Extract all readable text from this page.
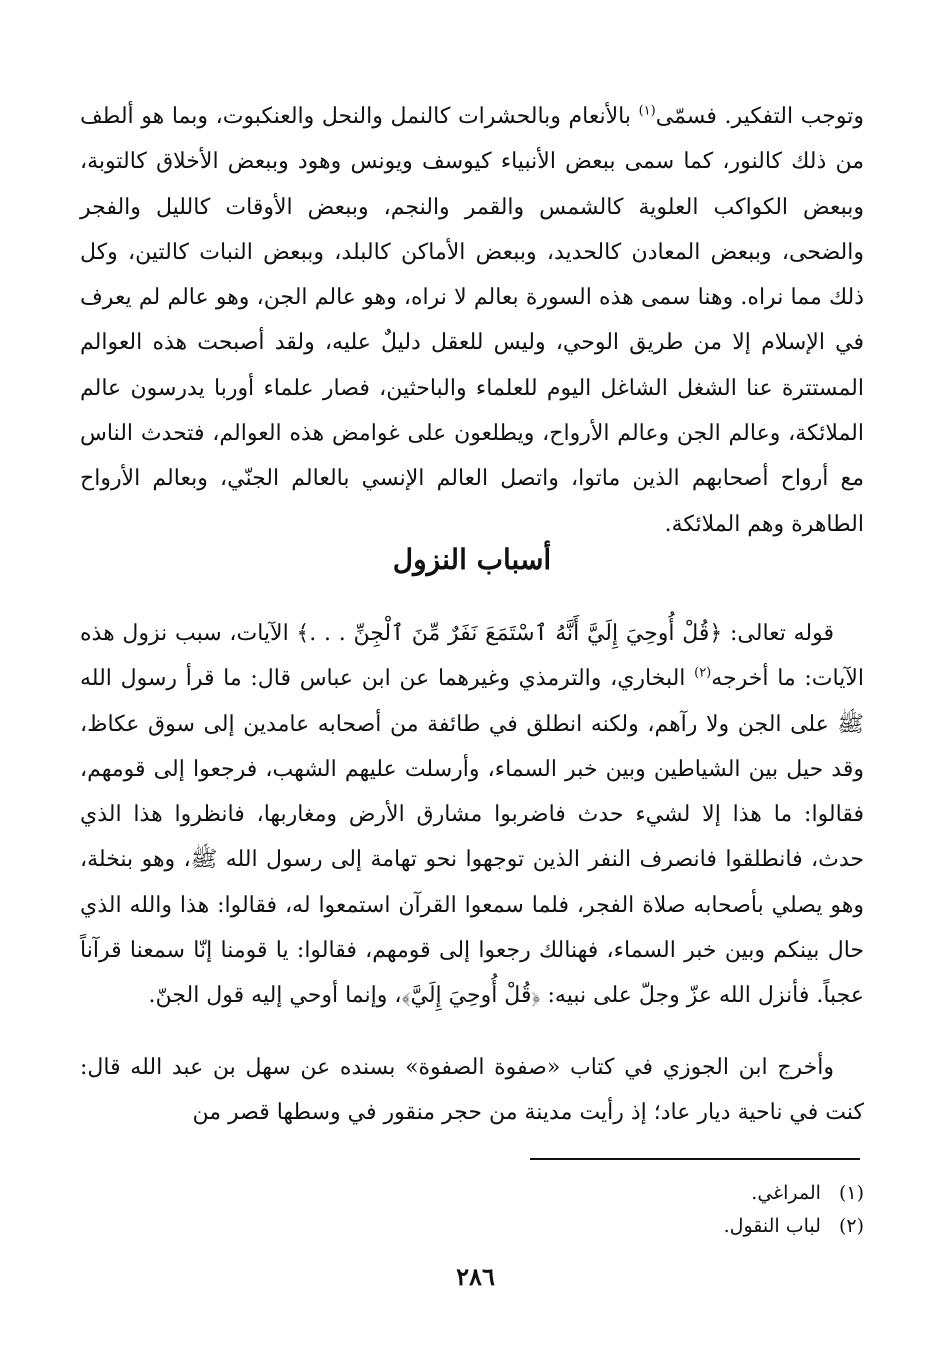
وتوجب التفكير. فسمّى$^{(١)}$ بالأنعام وبالحشرات كالنمل والنحل والعنكبوت، وبما هو ألطف من ذلك كالنور، كما سمى ببعض الأنبياء كيوسف ويونس وهود وببعض الأخلاق كالتوبة، وببعض الكواكب العلوية كالشمس والقمر والنجم، وببعض الأوقات كالليل والفجر والضحى، وببعض المعادن كالحديد، وببعض الأماكن كالبلد، وببعض النبات كالتين، وكل ذلك مما نراه. وهنا سمى هذه السورة بعالم لا نراه، وهو عالم الجن، وهو عالم لم يعرف في الإسلام إلا من طريق الوحي، وليس للعقل دليلٌ عليه، ولقد أصبحت هذه العوالم المستترة عنا الشغل الشاغل اليوم للعلماء والباحثين، فصار علماء أوربا يدرسون عالم الملائكة، وعالم الجن وعالم الأرواح، ويطلعون على غوامض هذه العوالم، فتحدث الناس مع أرواح أصحابهم الذين ماتوا، واتصل العالم الإنسي بالعالم الجنّي، وبعالم الأرواح الطاهرة وهم الملائكة.

أسباب النزول

قوله تعالى: ﴿قُلْ أُوحِيَ إِلَيَّ أَنَّهُ ٱسْتَمَعَ نَفَرٌ مِّنَ ٱلْجِنِّ . . .﴾ الآيات، سبب نزول هذه الآيات: ما أخرجه$^{(٢)}$ البخاري، والترمذي وغيرهما عن ابن عباس قال: ما قرأ رسول الله ﷺ على الجن ولا رآهم، ولكنه انطلق في طائفة من أصحابه عامدين إلى سوق عكاظ، وقد حيل بين الشياطين وبين خبر السماء، وأرسلت عليهم الشهب، فرجعوا إلى قومهم، فقالوا: ما هذا إلا لشيء حدث فاضربوا مشارق الأرض ومغاربها، فانظروا هذا الذي حدث، فانطلقوا فانصرف النفر الذين توجهوا نحو تهامة إلى رسول الله ﷺ، وهو بنخلة، وهو يصلي بأصحابه صلاة الفجر، فلما سمعوا القرآن استمعوا له، فقالوا: هذا والله الذي حال بينكم وبين خبر السماء، فهنالك رجعوا إلى قومهم، فقالوا: يا قومنا إنّا سمعنا قرآناً عجباً. فأنزل الله عزّ وجلّ على نبيه: ﴿قُلْ أُوحِيَ إِلَيَّ﴾، وإنما أوحي إليه قول الجنّ.

وأخرج ابن الجوزي في كتاب «صفوة الصفوة» بسنده عن سهل بن عبد الله قال: كنت في ناحية ديار عاد؛ إذ رأيت مدينة من حجر منقور في وسطها قصر من

(١)المراغي.
(٢)لباب النقول.
٢٨٦
